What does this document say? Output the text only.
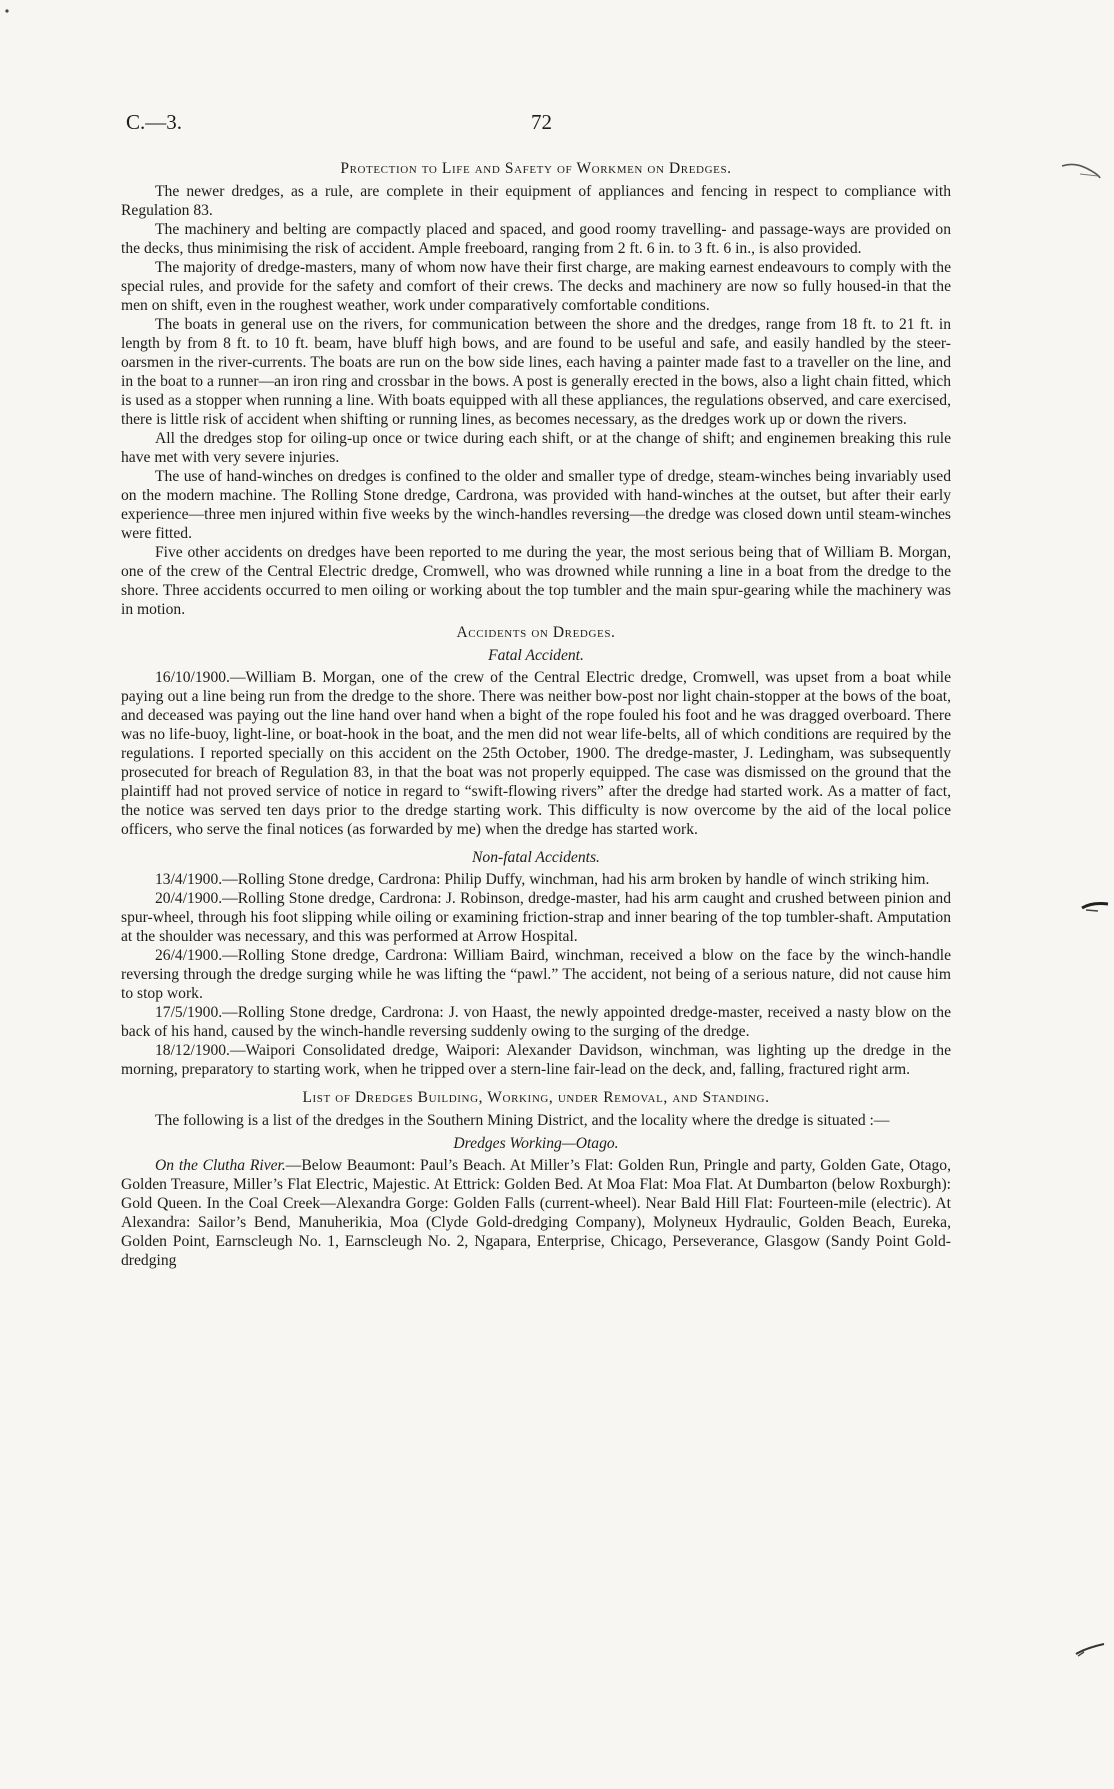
C.—3.	72
Protection to Life and Safety of Workmen on Dredges.

The newer dredges, as a rule, are complete in their equipment of appliances and fencing in respect to compliance with Regulation 83.

The machinery and belting are compactly placed and spaced, and good roomy travelling- and passage-ways are provided on the decks, thus minimising the risk of accident. Ample freeboard, ranging from 2 ft. 6 in. to 3 ft. 6 in., is also provided.

The majority of dredge-masters, many of whom now have their first charge, are making earnest endeavours to comply with the special rules, and provide for the safety and comfort of their crews. The decks and machinery are now so fully housed-in that the men on shift, even in the roughest weather, work under comparatively comfortable conditions.

The boats in general use on the rivers, for communication between the shore and the dredges, range from 18 ft. to 21 ft. in length by from 8 ft. to 10 ft. beam, have bluff high bows, and are found to be useful and safe, and easily handled by the steer-oarsmen in the river-currents. The boats are run on the bow side lines, each having a painter made fast to a traveller on the line, and in the boat to a runner—an iron ring and crossbar in the bows. A post is generally erected in the bows, also a light chain fitted, which is used as a stopper when running a line. With boats equipped with all these appliances, the regulations observed, and care exercised, there is little risk of accident when shifting or running lines, as becomes necessary, as the dredges work up or down the rivers.

All the dredges stop for oiling-up once or twice during each shift, or at the change of shift; and enginemen breaking this rule have met with very severe injuries.

The use of hand-winches on dredges is confined to the older and smaller type of dredge, steam-winches being invariably used on the modern machine. The Rolling Stone dredge, Cardrona, was provided with hand-winches at the outset, but after their early experience—three men injured within five weeks by the winch-handles reversing—the dredge was closed down until steam-winches were fitted.

Five other accidents on dredges have been reported to me during the year, the most serious being that of William B. Morgan, one of the crew of the Central Electric dredge, Cromwell, who was drowned while running a line in a boat from the dredge to the shore. Three accidents occurred to men oiling or working about the top tumbler and the main spur-gearing while the machinery was in motion.

Accidents on Dredges.
Fatal Accident.

16/10/1900.—William B. Morgan, one of the crew of the Central Electric dredge, Cromwell, was upset from a boat while paying out a line being run from the dredge to the shore. There was neither bow-post nor light chain-stopper at the bows of the boat, and deceased was paying out the line hand over hand when a bight of the rope fouled his foot and he was dragged overboard. There was no life-buoy, light-line, or boat-hook in the boat, and the men did not wear life-belts, all of which conditions are required by the regulations. I reported specially on this accident on the 25th October, 1900. The dredge-master, J. Ledingham, was subsequently prosecuted for breach of Regulation 83, in that the boat was not properly equipped. The case was dismissed on the ground that the plaintiff had not proved service of notice in regard to “swift-flowing rivers” after the dredge had started work. As a matter of fact, the notice was served ten days prior to the dredge starting work. This difficulty is now overcome by the aid of the local police officers, who serve the final notices (as forwarded by me) when the dredge has started work.

Non-fatal Accidents.

13/4/1900.—Rolling Stone dredge, Cardrona: Philip Duffy, winchman, had his arm broken by handle of winch striking him.

20/4/1900.—Rolling Stone dredge, Cardrona: J. Robinson, dredge-master, had his arm caught and crushed between pinion and spur-wheel, through his foot slipping while oiling or examining friction-strap and inner bearing of the top tumbler-shaft. Amputation at the shoulder was necessary, and this was performed at Arrow Hospital.

26/4/1900.—Rolling Stone dredge, Cardrona: William Baird, winchman, received a blow on the face by the winch-handle reversing through the dredge surging while he was lifting the “pawl.” The accident, not being of a serious nature, did not cause him to stop work.

17/5/1900.—Rolling Stone dredge, Cardrona: J. von Haast, the newly appointed dredge-master, received a nasty blow on the back of his hand, caused by the winch-handle reversing suddenly owing to the surging of the dredge.

18/12/1900.—Waipori Consolidated dredge, Waipori: Alexander Davidson, winchman, was lighting up the dredge in the morning, preparatory to starting work, when he tripped over a stern-line fair-lead on the deck, and, falling, fractured right arm.

List of Dredges Building, Working, under Removal, and Standing.

The following is a list of the dredges in the Southern Mining District, and the locality where the dredge is situated :—

Dredges Working—Otago.

On the Clutha River.—Below Beaumont: Paul’s Beach. At Miller’s Flat: Golden Run, Pringle and party, Golden Gate, Otago, Golden Treasure, Miller’s Flat Electric, Majestic. At Ettrick: Golden Bed. At Moa Flat: Moa Flat. At Dumbarton (below Roxburgh): Gold Queen. In the Coal Creek—Alexandra Gorge: Golden Falls (current-wheel). Near Bald Hill Flat: Fourteen-mile (electric). At Alexandra: Sailor’s Bend, Manuherikia, Moa (Clyde Gold-dredging Company), Molyneux Hydraulic, Golden Beach, Eureka, Golden Point, Earnscleugh No. 1, Earnscleugh No. 2, Ngapara, Enterprise, Chicago, Perseverance, Glasgow (Sandy Point Gold-dredging
